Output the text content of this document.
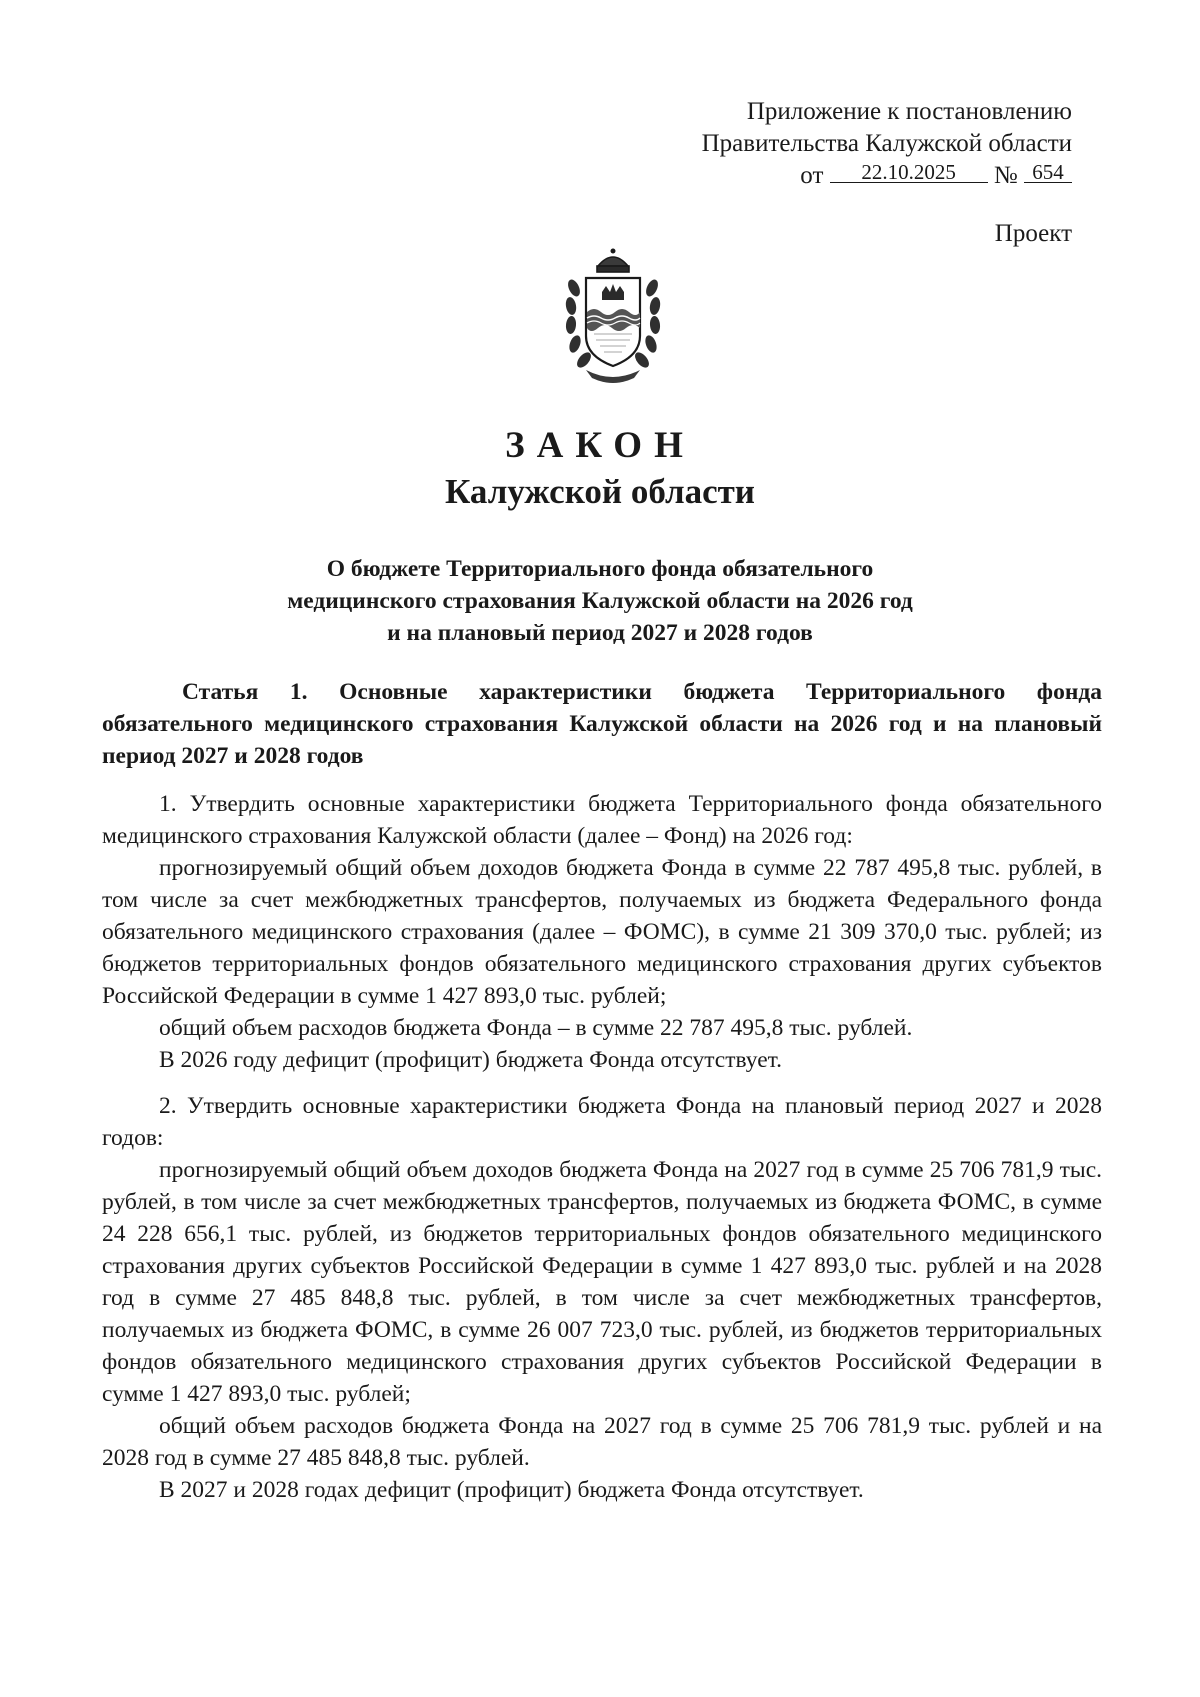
Приложение к постановлению
Правительства Калужской области
от 22.10.2025 № 654
Проект
ЗАКОН
Калужской области
О бюджете Территориального фонда обязательного
медицинского страхования Калужской области на 2026 год
и на плановый период 2027 и 2028 годов

Статья 1. Основные характеристики бюджета Территориального фонда обязательного медицинского страхования Калужской области на 2026 год и на плановый период 2027 и 2028 годов

1. Утвердить основные характеристики бюджета Территориального фонда обязательного медицинского страхования Калужской области (далее – Фонд) на 2026 год:

прогнозируемый общий объем доходов бюджета Фонда в сумме 22 787 495,8 тыс. рублей, в том числе за счет межбюджетных трансфертов, получаемых из бюджета Федерального фонда обязательного медицинского страхования (далее – ФОМС), в сумме 21 309 370,0 тыс. рублей; из бюджетов территориальных фондов обязательного медицинского страхования других субъектов Российской Федерации в сумме 1 427 893,0 тыс. рублей;

общий объем расходов бюджета Фонда – в сумме 22 787 495,8 тыс. рублей.

В 2026 году дефицит (профицит) бюджета Фонда отсутствует.

2. Утвердить основные характеристики бюджета Фонда на плановый период 2027 и 2028 годов:

прогнозируемый общий объем доходов бюджета Фонда на 2027 год в сумме 25 706 781,9 тыс. рублей, в том числе за счет межбюджетных трансфертов, получаемых из бюджета ФОМС, в сумме 24 228 656,1 тыс. рублей, из бюджетов территориальных фондов обязательного медицинского страхования других субъектов Российской Федерации в сумме 1 427 893,0 тыс. рублей и на 2028 год в сумме 27 485 848,8 тыс. рублей, в том числе за счет межбюджетных трансфертов, получаемых из бюджета ФОМС, в сумме 26 007 723,0 тыс. рублей, из бюджетов территориальных фондов обязательного медицинского страхования других субъектов Российской Федерации в сумме 1 427 893,0 тыс. рублей;

общий объем расходов бюджета Фонда на 2027 год в сумме 25 706 781,9 тыс. рублей и на 2028 год в сумме 27 485 848,8 тыс. рублей.

В 2027 и 2028 годах дефицит (профицит) бюджета Фонда отсутствует.
